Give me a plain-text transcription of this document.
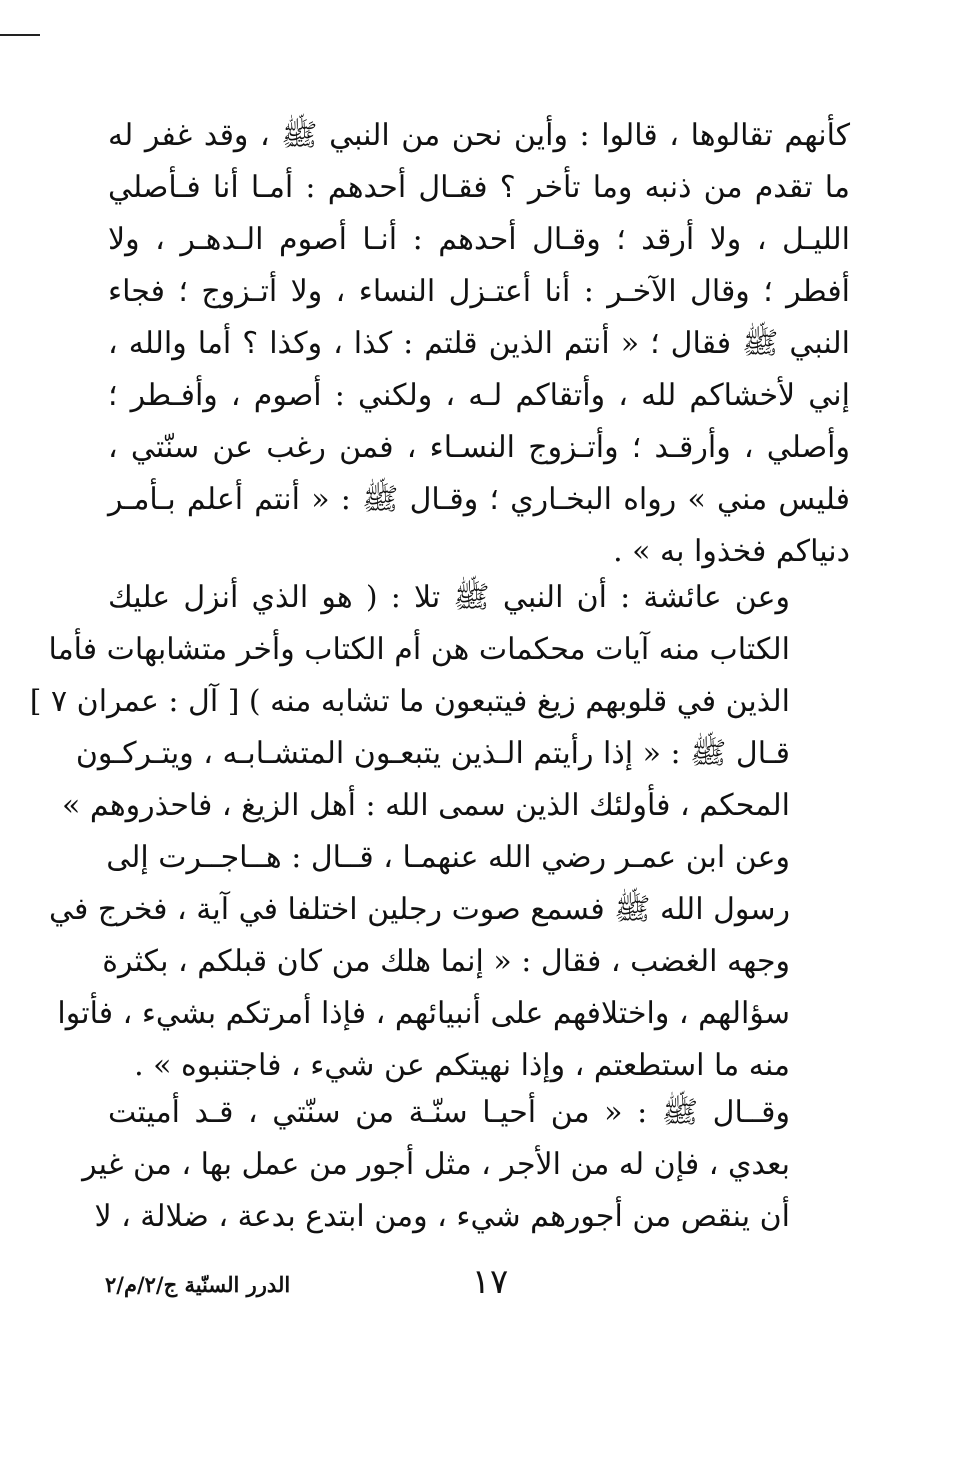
كأنهم تقالوها ، قالوا : وأين نحن من النبي ﷺ ، وقد غفر له
ما تقدم من ذنبه وما تأخر ؟ فقـال أحدهم : أمـا أنا فـأصلي
الليـل ، ولا أرقد ؛ وقـال أحدهم : أنـا أصوم الـدهـر ، ولا
أفطر ؛ وقال الآخـر : أنا أعتـزل النساء ، ولا أتـزوج ؛ فجاء
النبي ﷺ فقال ؛ « أنتم الذين قلتم : كذا ، وكذا ؟ أما والله ،
إني لأخشاكم لله ، وأتقاكم لـه ، ولكني : أصوم ، وأفـطر ؛
وأصلي ، وأرقـد ؛ وأتـزوج النسـاء ، فمن رغب عن سنّتي ،
فليس مني » رواه البخـاري ؛ وقـال ﷺ : « أنتم أعلم بـأمـر
دنياكم فخذوا به » .
وعن عائشة : أن النبي ﷺ تلا : ( هو الذي أنزل عليك
الكتاب منه آيات محكمات هن أم الكتاب وأخر متشابهات فأما
الذين في قلوبهم زيغ فيتبعون ما تشابه منه ) [ آل : عمران ٧ ]
قـال ﷺ : « إذا رأيتم الـذين يتبعـون المتشـابـه ، ويتـركـون
المحكم ، فأولئك الذين سمى الله : أهل الزيغ ، فاحذروهم »
وعن ابن عمـر رضي الله عنهمـا ، قــال : هــاجــرت إلى
رسول الله ﷺ فسمع صوت رجلين اختلفا في آية ، فخرج في
وجهه الغضب ، فقال : « إنما هلك من كان قبلكم ، بكثرة
سؤالهم ، واختلافهم على أنبيائهم ، فإذا أمرتكم بشيء ، فأتوا
منه ما استطعتم ، وإذا نهيتكم عن شيء ، فاجتنبوه » .
وقــال ﷺ : « من أحيـا سنّـة من سنّتي ، قـد أميتت
بعدي ، فإن له من الأجر ، مثل أجور من عمل بها ، من غير
أن ينقص من أجورهم شيء ، ومن ابتدع بدعة ، ضلالة ، لا
١٧
الدرر السنّية ج/٢/م/٢
